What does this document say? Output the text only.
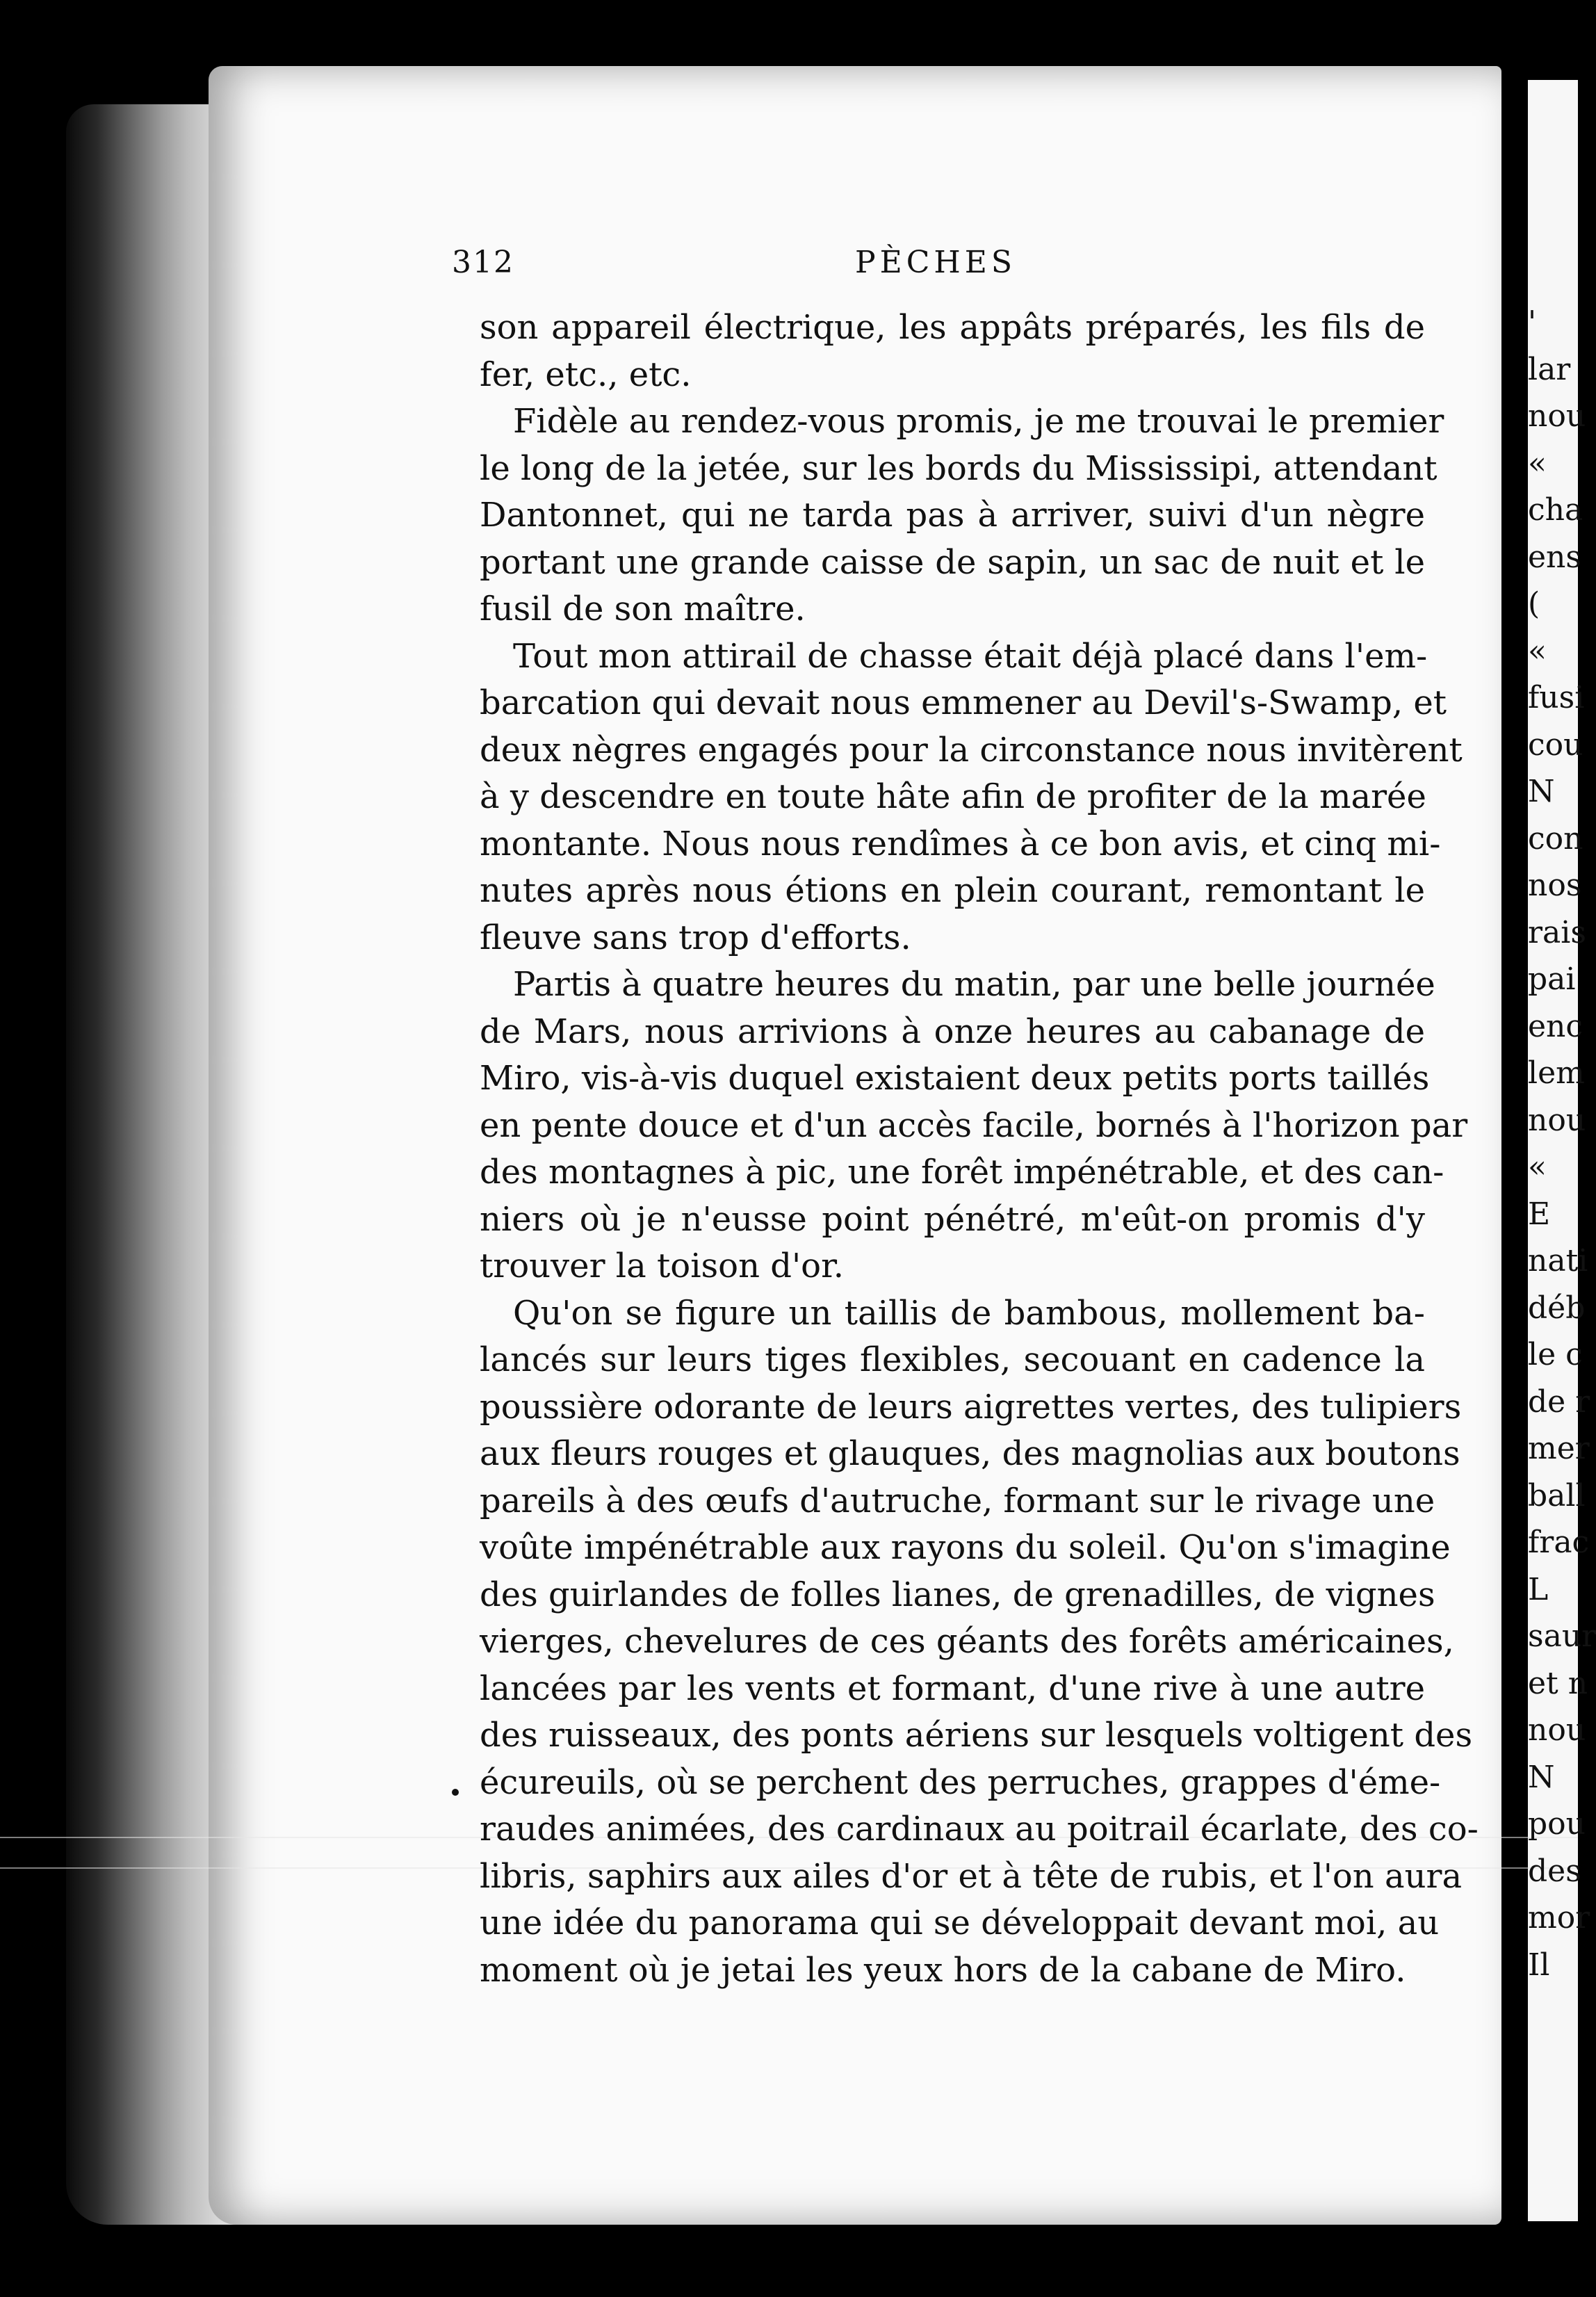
312	PÈCHES
son appareil électrique, les appâts préparés, les fils de
fer, etc., etc.
Fidèle au rendez-vous promis, je me trouvai le premier
le long de la jetée, sur les bords du Mississipi, attendant
Dantonnet, qui ne tarda pas à arriver, suivi d'un nègre
portant une grande caisse de sapin, un sac de nuit et le
fusil de son maître.
Tout mon attirail de chasse était déjà placé dans l'em-
barcation qui devait nous emmener au Devil's-Swamp, et
deux nègres engagés pour la circonstance nous invitèrent
à y descendre en toute hâte afin de profiter de la marée
montante. Nous nous rendîmes à ce bon avis, et cinq mi-
nutes après nous étions en plein courant, remontant le
fleuve sans trop d'efforts.
Partis à quatre heures du matin, par une belle journée
de Mars, nous arrivions à onze heures au cabanage de
Miro, vis-à-vis duquel existaient deux petits ports taillés
en pente douce et d'un accès facile, bornés à l'horizon par
des montagnes à pic, une forêt impénétrable, et des can-
niers où je n'eusse point pénétré, m'eût-on promis d'y
trouver la toison d'or.
Qu'on se figure un taillis de bambous, mollement ba-
lancés sur leurs tiges flexibles, secouant en cadence la
poussière odorante de leurs aigrettes vertes, des tulipiers
aux fleurs rouges et glauques, des magnolias aux boutons
pareils à des œufs d'autruche, formant sur le rivage une
voûte impénétrable aux rayons du soleil. Qu'on s'imagine
des guirlandes de folles lianes, de grenadilles, de vignes
vierges, chevelures de ces géants des forêts américaines,
lancées par les vents et formant, d'une rive à une autre
des ruisseaux, des ponts aériens sur lesquels voltigent des
écureuils, où se perchent des perruches, grappes d'éme-
raudes animées, des cardinaux au poitrail écarlate, des co-
libris, saphirs aux ailes d'or et à tête de rubis, et l'on aura
une idée du panorama qui se développait devant moi, au
moment où je jetai les yeux hors de la cabane de Miro.
'
lar
nou
«
cha
ens
(
«
fusi
cou
N
con
nos
rais
pai
enc
lem
nou
«
E
nati
déb
le c
de r
mer
ball
frac
L
saur
et n
nou
N
pou
des
mor
Il
